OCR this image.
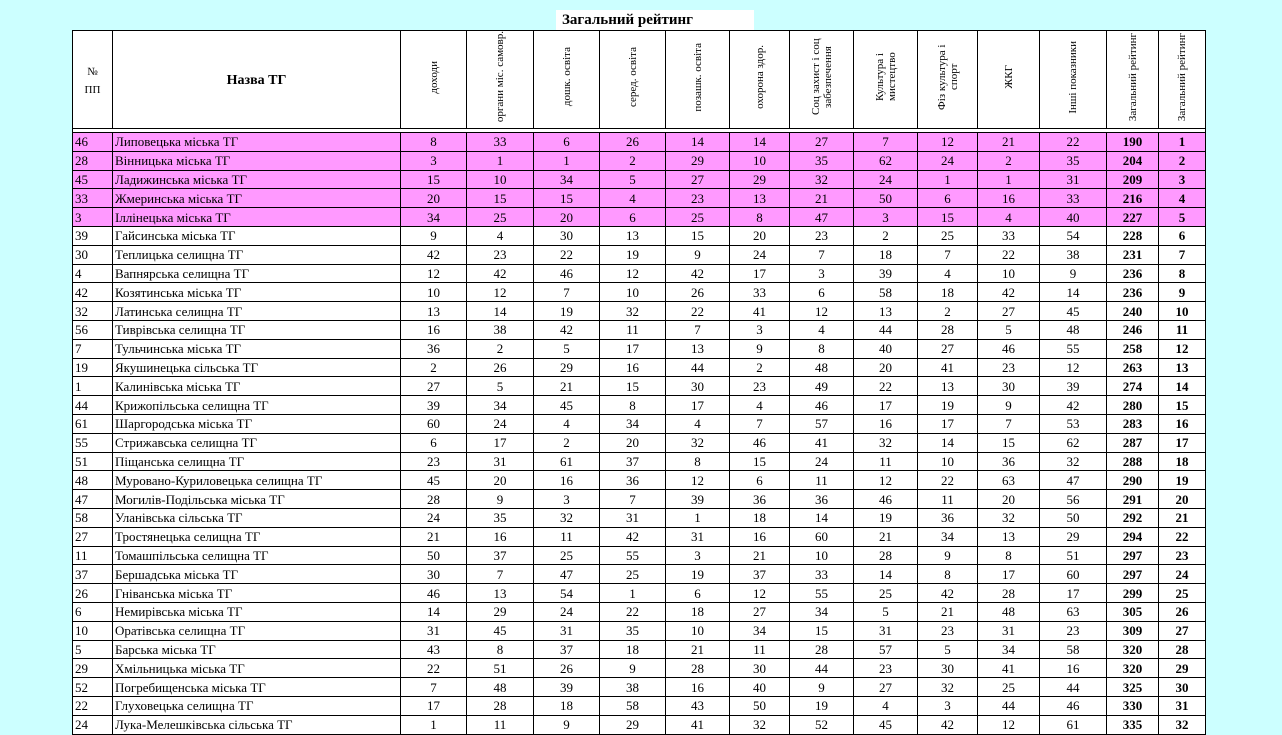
Загальний рейтинг
№
ПП	Назва ТГ	доходи	органи міс. самовр.	дошк. освіта	серед. освіта	позашк. освіта	охорона здор.	Соц захист і соц забезпечення	Культура і мистецтво	Фіз культура і спорт	ЖКГ	Інші показники	Загальний рейтинг	Загальний рейтинг

46	Липовецька міська ТГ	8	33	6	26	14	14	27	7	12	21	22	190	1
28	Вінницька міська ТГ	3	1	1	2	29	10	35	62	24	2	35	204	2
45	Ладижинська міська ТГ	15	10	34	5	27	29	32	24	1	1	31	209	3
33	Жмеринська міська ТГ	20	15	15	4	23	13	21	50	6	16	33	216	4
3	Іллінецька міська ТГ	34	25	20	6	25	8	47	3	15	4	40	227	5
39	Гайсинська міська ТГ	9	4	30	13	15	20	23	2	25	33	54	228	6
30	Теплицька селищна ТГ	42	23	22	19	9	24	7	18	7	22	38	231	7
4	Вапнярська селищна ТГ	12	42	46	12	42	17	3	39	4	10	9	236	8
42	Козятинська міська ТГ	10	12	7	10	26	33	6	58	18	42	14	236	9
32	Латинська селищна ТГ	13	14	19	32	22	41	12	13	2	27	45	240	10
56	Тиврівська селищна ТГ	16	38	42	11	7	3	4	44	28	5	48	246	11
7	Тульчинська міська ТГ	36	2	5	17	13	9	8	40	27	46	55	258	12
19	Якушинецька сільська ТГ	2	26	29	16	44	2	48	20	41	23	12	263	13
1	Калинівська міська ТГ	27	5	21	15	30	23	49	22	13	30	39	274	14
44	Крижопільська селищна ТГ	39	34	45	8	17	4	46	17	19	9	42	280	15
61	Шаргородська міська ТГ	60	24	4	34	4	7	57	16	17	7	53	283	16
55	Стрижавська селищна ТГ	6	17	2	20	32	46	41	32	14	15	62	287	17
51	Піщанська селищна ТГ	23	31	61	37	8	15	24	11	10	36	32	288	18
48	Муровано-Куриловецька селищна ТГ	45	20	16	36	12	6	11	12	22	63	47	290	19
47	Могилів-Подільська міська ТГ	28	9	3	7	39	36	36	46	11	20	56	291	20
58	Уланівська сільська ТГ	24	35	32	31	1	18	14	19	36	32	50	292	21
27	Тростянецька селищна ТГ	21	16	11	42	31	16	60	21	34	13	29	294	22
11	Томашпільська селищна ТГ	50	37	25	55	3	21	10	28	9	8	51	297	23
37	Бершадська міська ТГ	30	7	47	25	19	37	33	14	8	17	60	297	24
26	Гніванська міська ТГ	46	13	54	1	6	12	55	25	42	28	17	299	25
6	Немирівська міська ТГ	14	29	24	22	18	27	34	5	21	48	63	305	26
10	Оратівська селищна ТГ	31	45	31	35	10	34	15	31	23	31	23	309	27
5	Барська міська ТГ	43	8	37	18	21	11	28	57	5	34	58	320	28
29	Хмільницька міська ТГ	22	51	26	9	28	30	44	23	30	41	16	320	29
52	Погребищенська міська ТГ	7	48	39	38	16	40	9	27	32	25	44	325	30
22	Глуховецька селищна ТГ	17	28	18	58	43	50	19	4	3	44	46	330	31
24	Лука-Мелешківська сільська ТГ	1	11	9	29	41	32	52	45	42	12	61	335	32
